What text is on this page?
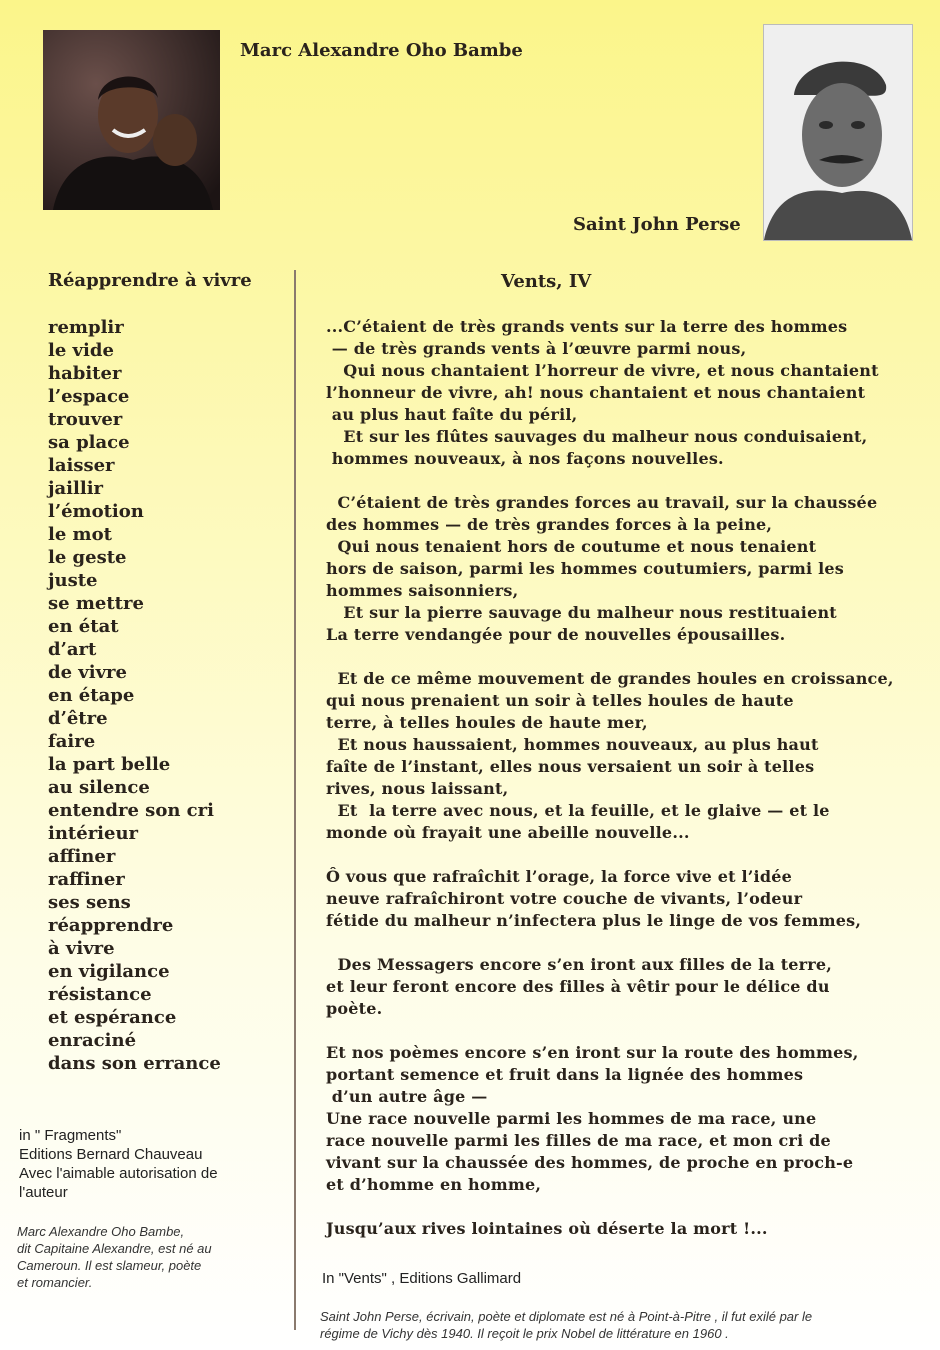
Marc Alexandre Oho Bambe
Saint John Perse
Réapprendre à vivre
remplir
le vide
habiter
l’espace
trouver
sa place
laisser
jaillir
l’émotion
le mot
le geste
juste
se mettre
en état
d’art
de vivre
en étape
d’être
faire
la part belle
au silence
entendre son cri
intérieur
affiner
raffiner
ses sens
réapprendre
à vivre
en vigilance
résistance
et espérance
enraciné
dans son errance
in " Fragments"
Editions Bernard Chauveau
Avec l'aimable autorisation de
l'auteur
Marc Alexandre Oho Bambe,
dit Capitaine Alexandre, est né au
Cameroun. Il est slameur, poète
et romancier.
Vents, IV
...C’étaient de très grands vents sur la terre des hommes
— de très grands vents à l’œuvre parmi nous,
Qui nous chantaient l’horreur de vivre, et nous chantaient
l’honneur de vivre, ah! nous chantaient et nous chantaient
au plus haut faîte du péril,
Et sur les flûtes sauvages du malheur nous conduisaient,
hommes nouveaux, à nos façons nouvelles.
C’étaient de très grandes forces au travail, sur la chaussée
des hommes — de très grandes forces à la peine,
Qui nous tenaient hors de coutume et nous tenaient
hors de saison, parmi les hommes coutumiers, parmi les
hommes saisonniers,
Et sur la pierre sauvage du malheur nous restituaient
La terre vendangée pour de nouvelles épousailles.
Et de ce même mouvement de grandes houles en croissance,
qui nous prenaient un soir à telles houles de haute
terre, à telles houles de haute mer,
Et nous haussaient, hommes nouveaux, au plus haut
faîte de l’instant, elles nous versaient un soir à telles
rives, nous laissant,
Et  la terre avec nous, et la feuille, et le glaive — et le
monde où frayait une abeille nouvelle...
Ô vous que rafraîchit l’orage, la force vive et l’idée
neuve rafraîchiront votre couche de vivants, l’odeur
fétide du malheur n’infectera plus le linge de vos femmes,
Des Messagers encore s’en iront aux filles de la terre,
et leur feront encore des filles à vêtir pour le délice du
poète.
Et nos poèmes encore s’en iront sur la route des hommes,
portant semence et fruit dans la lignée des hommes
d’un autre âge —
Une race nouvelle parmi les hommes de ma race, une
race nouvelle parmi les filles de ma race, et mon cri de
vivant sur la chaussée des hommes, de proche en proch-e
et d’homme en homme,
Jusqu’aux rives lointaines où déserte la mort !...
In "Vents" , Editions Gallimard
Saint John Perse, écrivain, poète et diplomate est né à Point-à-Pitre , il fut exilé par le
régime de Vichy dès 1940. Il reçoit le prix Nobel de littérature en 1960 .
